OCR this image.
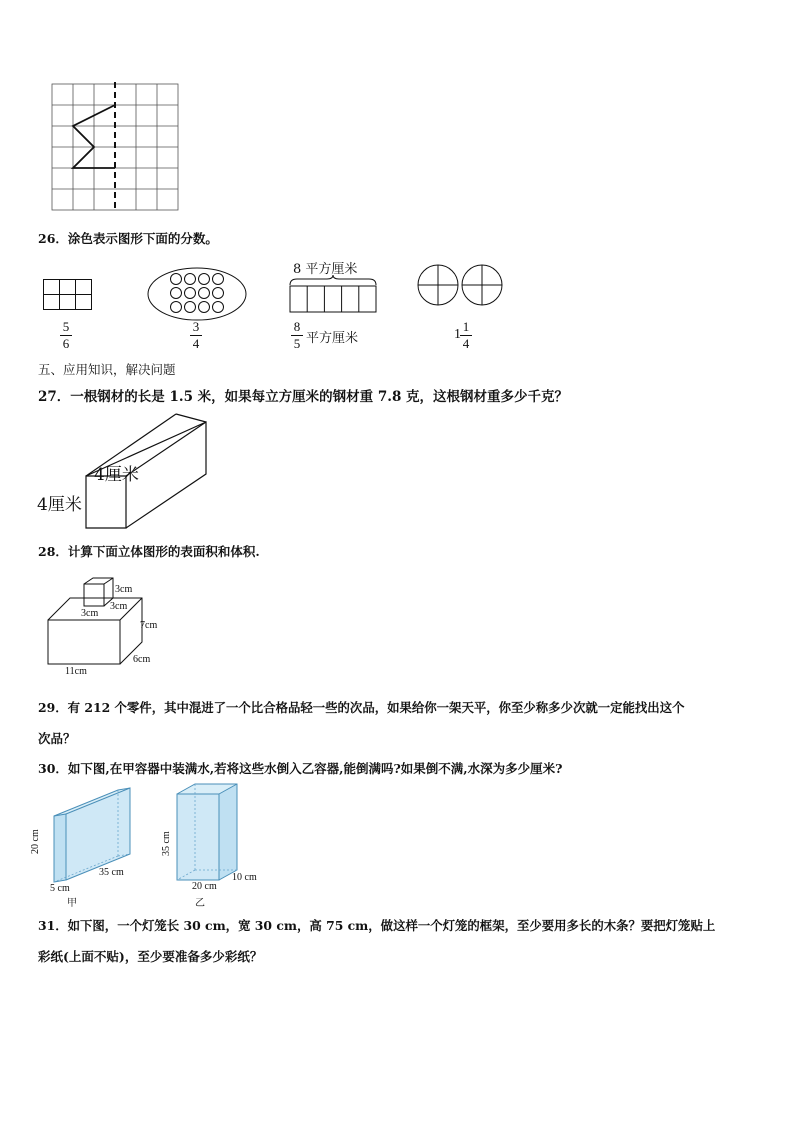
26．涂色表示图形下面的分数。
5
6
3
4
8 平方厘米
8
5 平方厘米	1
1
4
五、应用知识，解决问题
27．一根钢材的长是 1.5 米，如果每立方厘米的钢材重 7.8 克，这根钢材重多少千克？
4厘米
4厘米
28．计算下面立体图形的表面积和体积.
3cm
3cm
3cm
7cm
6cm
11cm
29．有 212 个零件，其中混进了一个比合格品轻一些的次品，如果给你一架天平，你至少称多少次就一定能找出这个
次品？
30．如下图,在甲容器中装满水,若将这些水倒入乙容器,能倒满吗?如果倒不满,水深为多少厘米?
20 cm
35 cm
5 cm
甲
35 cm
20 cm
10 cm
乙
31．如下图，一个灯笼长 30 cm，宽 30 cm，高 75 cm，做这样一个灯笼的框架，至少要用多长的木条？要把灯笼贴上
彩纸(上面不贴)，至少要准备多少彩纸？
